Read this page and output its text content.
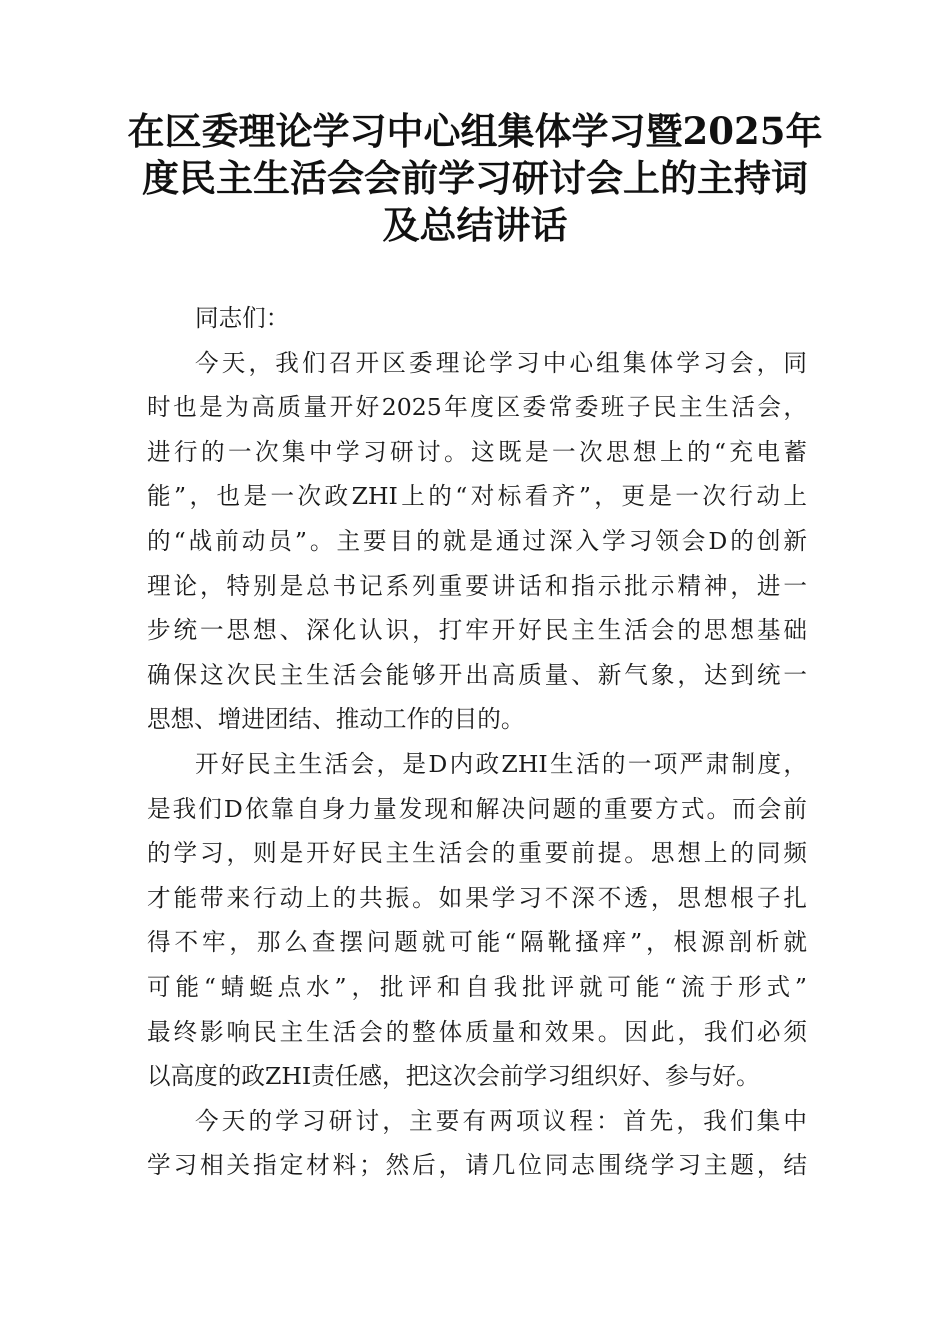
在区委理论学习中心组集体学习暨2025年
度民主生活会会前学习研讨会上的主持词
及总结讲话
同志们：
今天，我们召开区委理论学习中心组集体学习会，同
时也是为高质量开好2025年度区委常委班子民主生活会，
进行的一次集中学习研讨。这既是一次思想上的“充电蓄
能”，也是一次政ZHI上的“对标看齐”，更是一次行动上
的“战前动员”。主要目的就是通过深入学习领会D的创新
理论，特别是总书记系列重要讲话和指示批示精神，进一
步统一思想、深化认识，打牢开好民主生活会的思想基础
确保这次民主生活会能够开出高质量、新气象，达到统一
思想、增进团结、推动工作的目的。
开好民主生活会，是D内政ZHI生活的一项严肃制度，
是我们D依靠自身力量发现和解决问题的重要方式。而会前
的学习，则是开好民主生活会的重要前提。思想上的同频
才能带来行动上的共振。如果学习不深不透，思想根子扎
得不牢，那么查摆问题就可能“隔靴搔痒”，根源剖析就
可能“蜻蜓点水”，批评和自我批评就可能“流于形式”
最终影响民主生活会的整体质量和效果。因此，我们必须
以高度的政ZHI责任感，把这次会前学习组织好、参与好。
今天的学习研讨，主要有两项议程：首先，我们集中
学习相关指定材料；然后，请几位同志围绕学习主题，结
